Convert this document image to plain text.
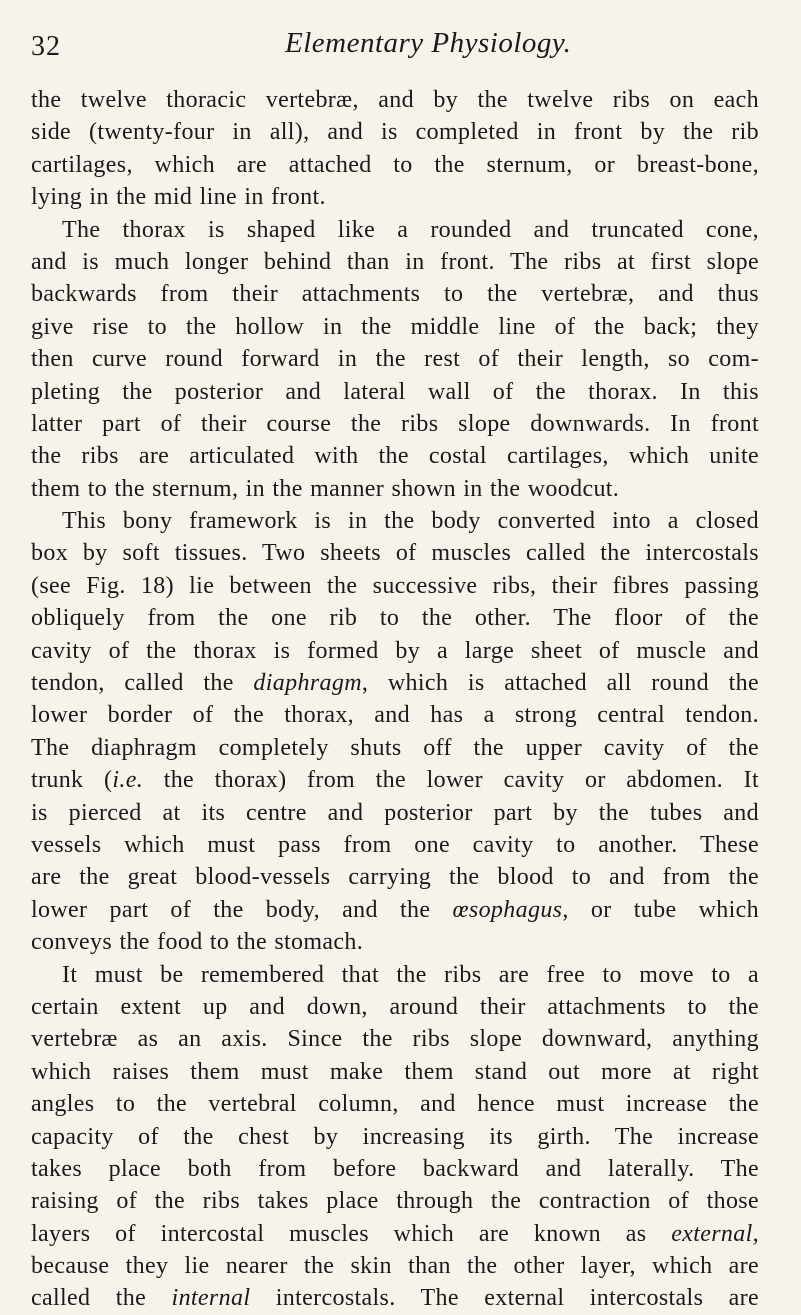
32	Elementary Physiology.
the twelve thoracic vertebræ, and by the twelve ribs on each
side (twenty-four in all), and is completed in front by the rib
cartilages, which are attached to the sternum, or breast-bone,
lying in the mid line in front.
The thorax is shaped like a rounded and truncated cone,
and is much longer behind than in front. The ribs at first slope
backwards from their attachments to the vertebræ, and thus
give rise to the hollow in the middle line of the back; they
then curve round forward in the rest of their length, so com-
pleting the posterior and lateral wall of the thorax. In this
latter part of their course the ribs slope downwards. In front
the ribs are articulated with the costal cartilages, which unite
them to the sternum, in the manner shown in the woodcut.
This bony framework is in the body converted into a closed
box by soft tissues. Two sheets of muscles called the intercostals
(see Fig. 18) lie between the successive ribs, their fibres passing
obliquely from the one rib to the other. The floor of the
cavity of the thorax is formed by a large sheet of muscle and
tendon, called the diaphragm, which is attached all round the
lower border of the thorax, and has a strong central tendon.
The diaphragm completely shuts off the upper cavity of the
trunk (i.e. the thorax) from the lower cavity or abdomen. It
is pierced at its centre and posterior part by the tubes and
vessels which must pass from one cavity to another. These
are the great blood-vessels carrying the blood to and from the
lower part of the body, and the œsophagus, or tube which
conveys the food to the stomach.
It must be remembered that the ribs are free to move to a
certain extent up and down, around their attachments to the
vertebræ as an axis. Since the ribs slope downward, anything
which raises them must make them stand out more at right
angles to the vertebral column, and hence must increase the
capacity of the chest by increasing its girth. The increase
takes place both from before backward and laterally. The
raising of the ribs takes place through the contraction of those
layers of intercostal muscles which are known as external,
because they lie nearer the skin than the other layer, which are
called the internal intercostals. The external intercostals are
